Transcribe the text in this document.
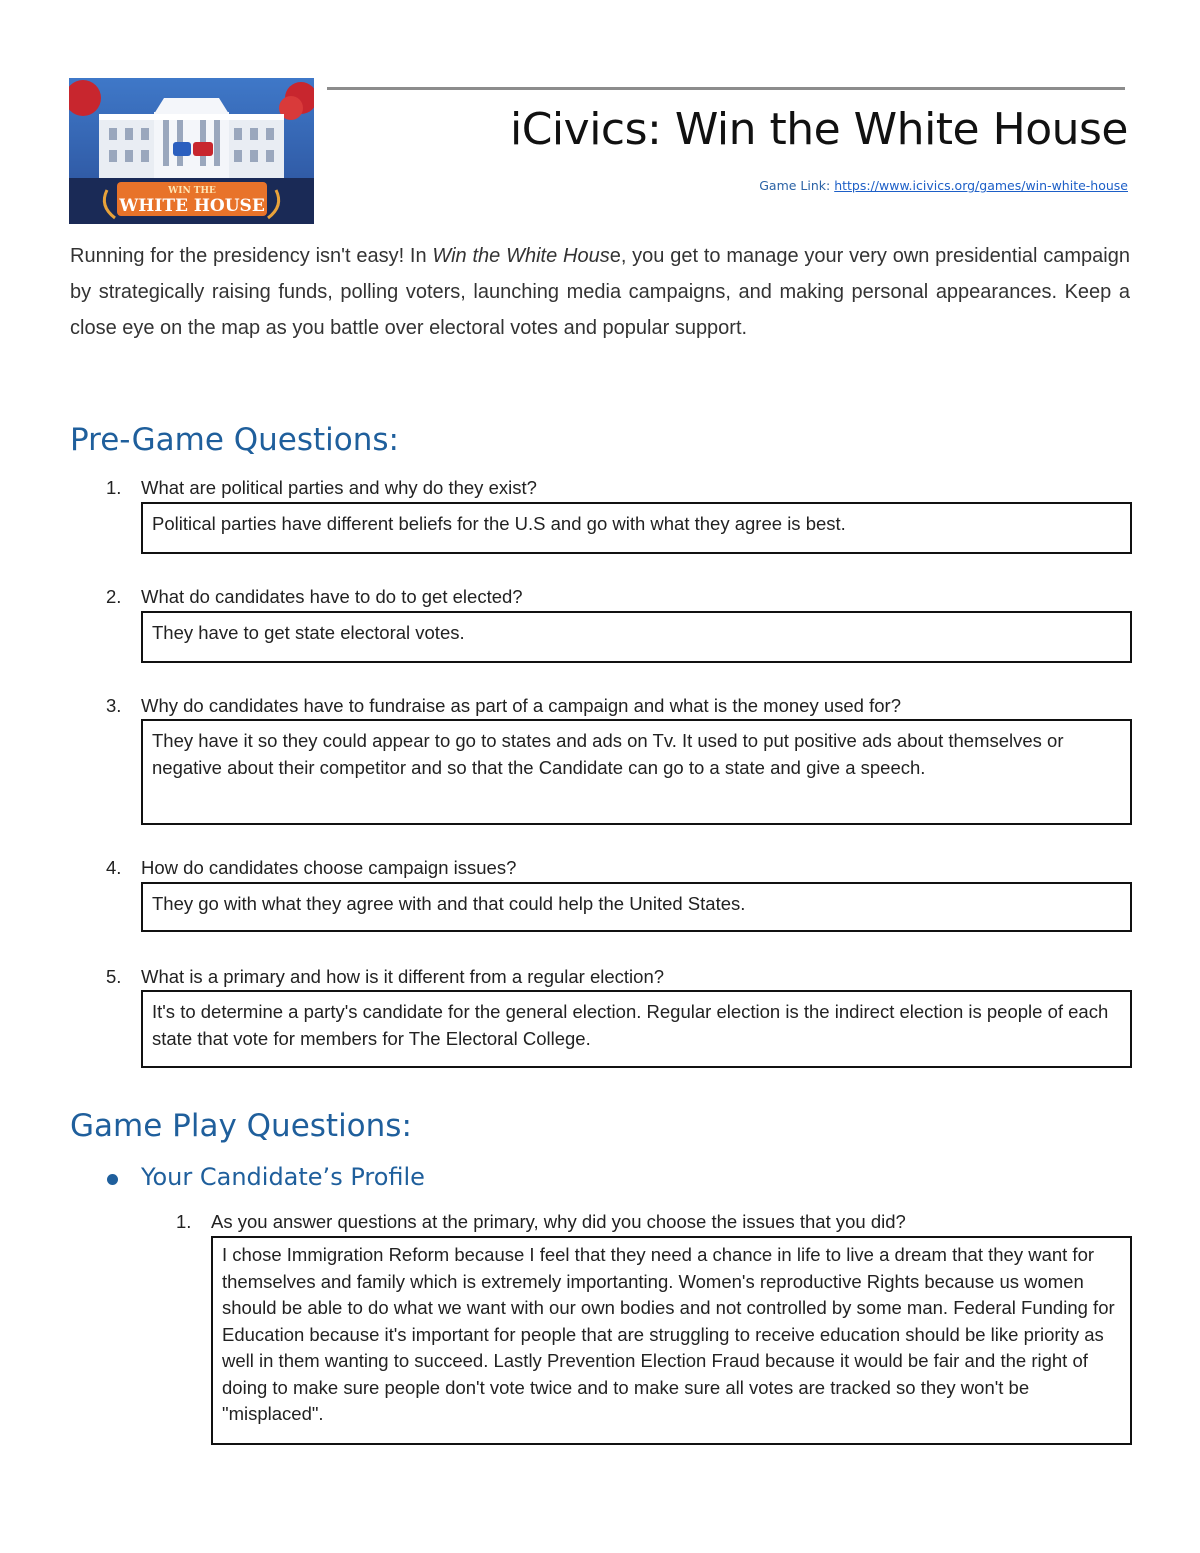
WIN THE
WHITE HOUSE
iCivics: Win the White House
Game Link: https://www.icivics.org/games/win-white-house

Running for the presidency isn't easy! In Win the White House, you get to manage your very own presidential campaign by strategically raising funds, polling voters, launching media campaigns, and making personal appearances. Keep a close eye on the map as you battle over electoral votes and popular support.

Pre-Game Questions:
1. What are political parties and why do they exist?
Political parties have different beliefs for the U.S and go with what they agree is best.
2. What do candidates have to do to get elected?
They have to get state electoral votes.
3. Why do candidates have to fundraise as part of a campaign and what is the money used for?
They have it so they could appear to go to states and ads on Tv. It used to put positive ads about themselves or negative about their competitor and so that the Candidate can go to a state and give a speech.
4. How do candidates choose campaign issues?
They go with what they agree with and that could help the United States.
5. What is a primary and how is it different from a regular election?
It's to determine a party's candidate for the general election. Regular election is the indirect election is people of each state that vote for members for The Electoral College.
Game Play Questions:
Your Candidate’s Profile
1. As you answer questions at the primary, why did you choose the issues that you did?
I chose Immigration Reform because I feel that they need a chance in life to live a dream that they want for themselves and family which is extremely importanting. Women's reproductive Rights because us women should be able to do what we want with our own bodies and not controlled by some man. Federal Funding for Education because it's important for people that are struggling to receive education should be like priority as well in them wanting to succeed. Lastly Prevention Election Fraud because it would be fair and the right of doing to make sure people don't vote twice and to make sure all votes are tracked so they won't be "misplaced".
